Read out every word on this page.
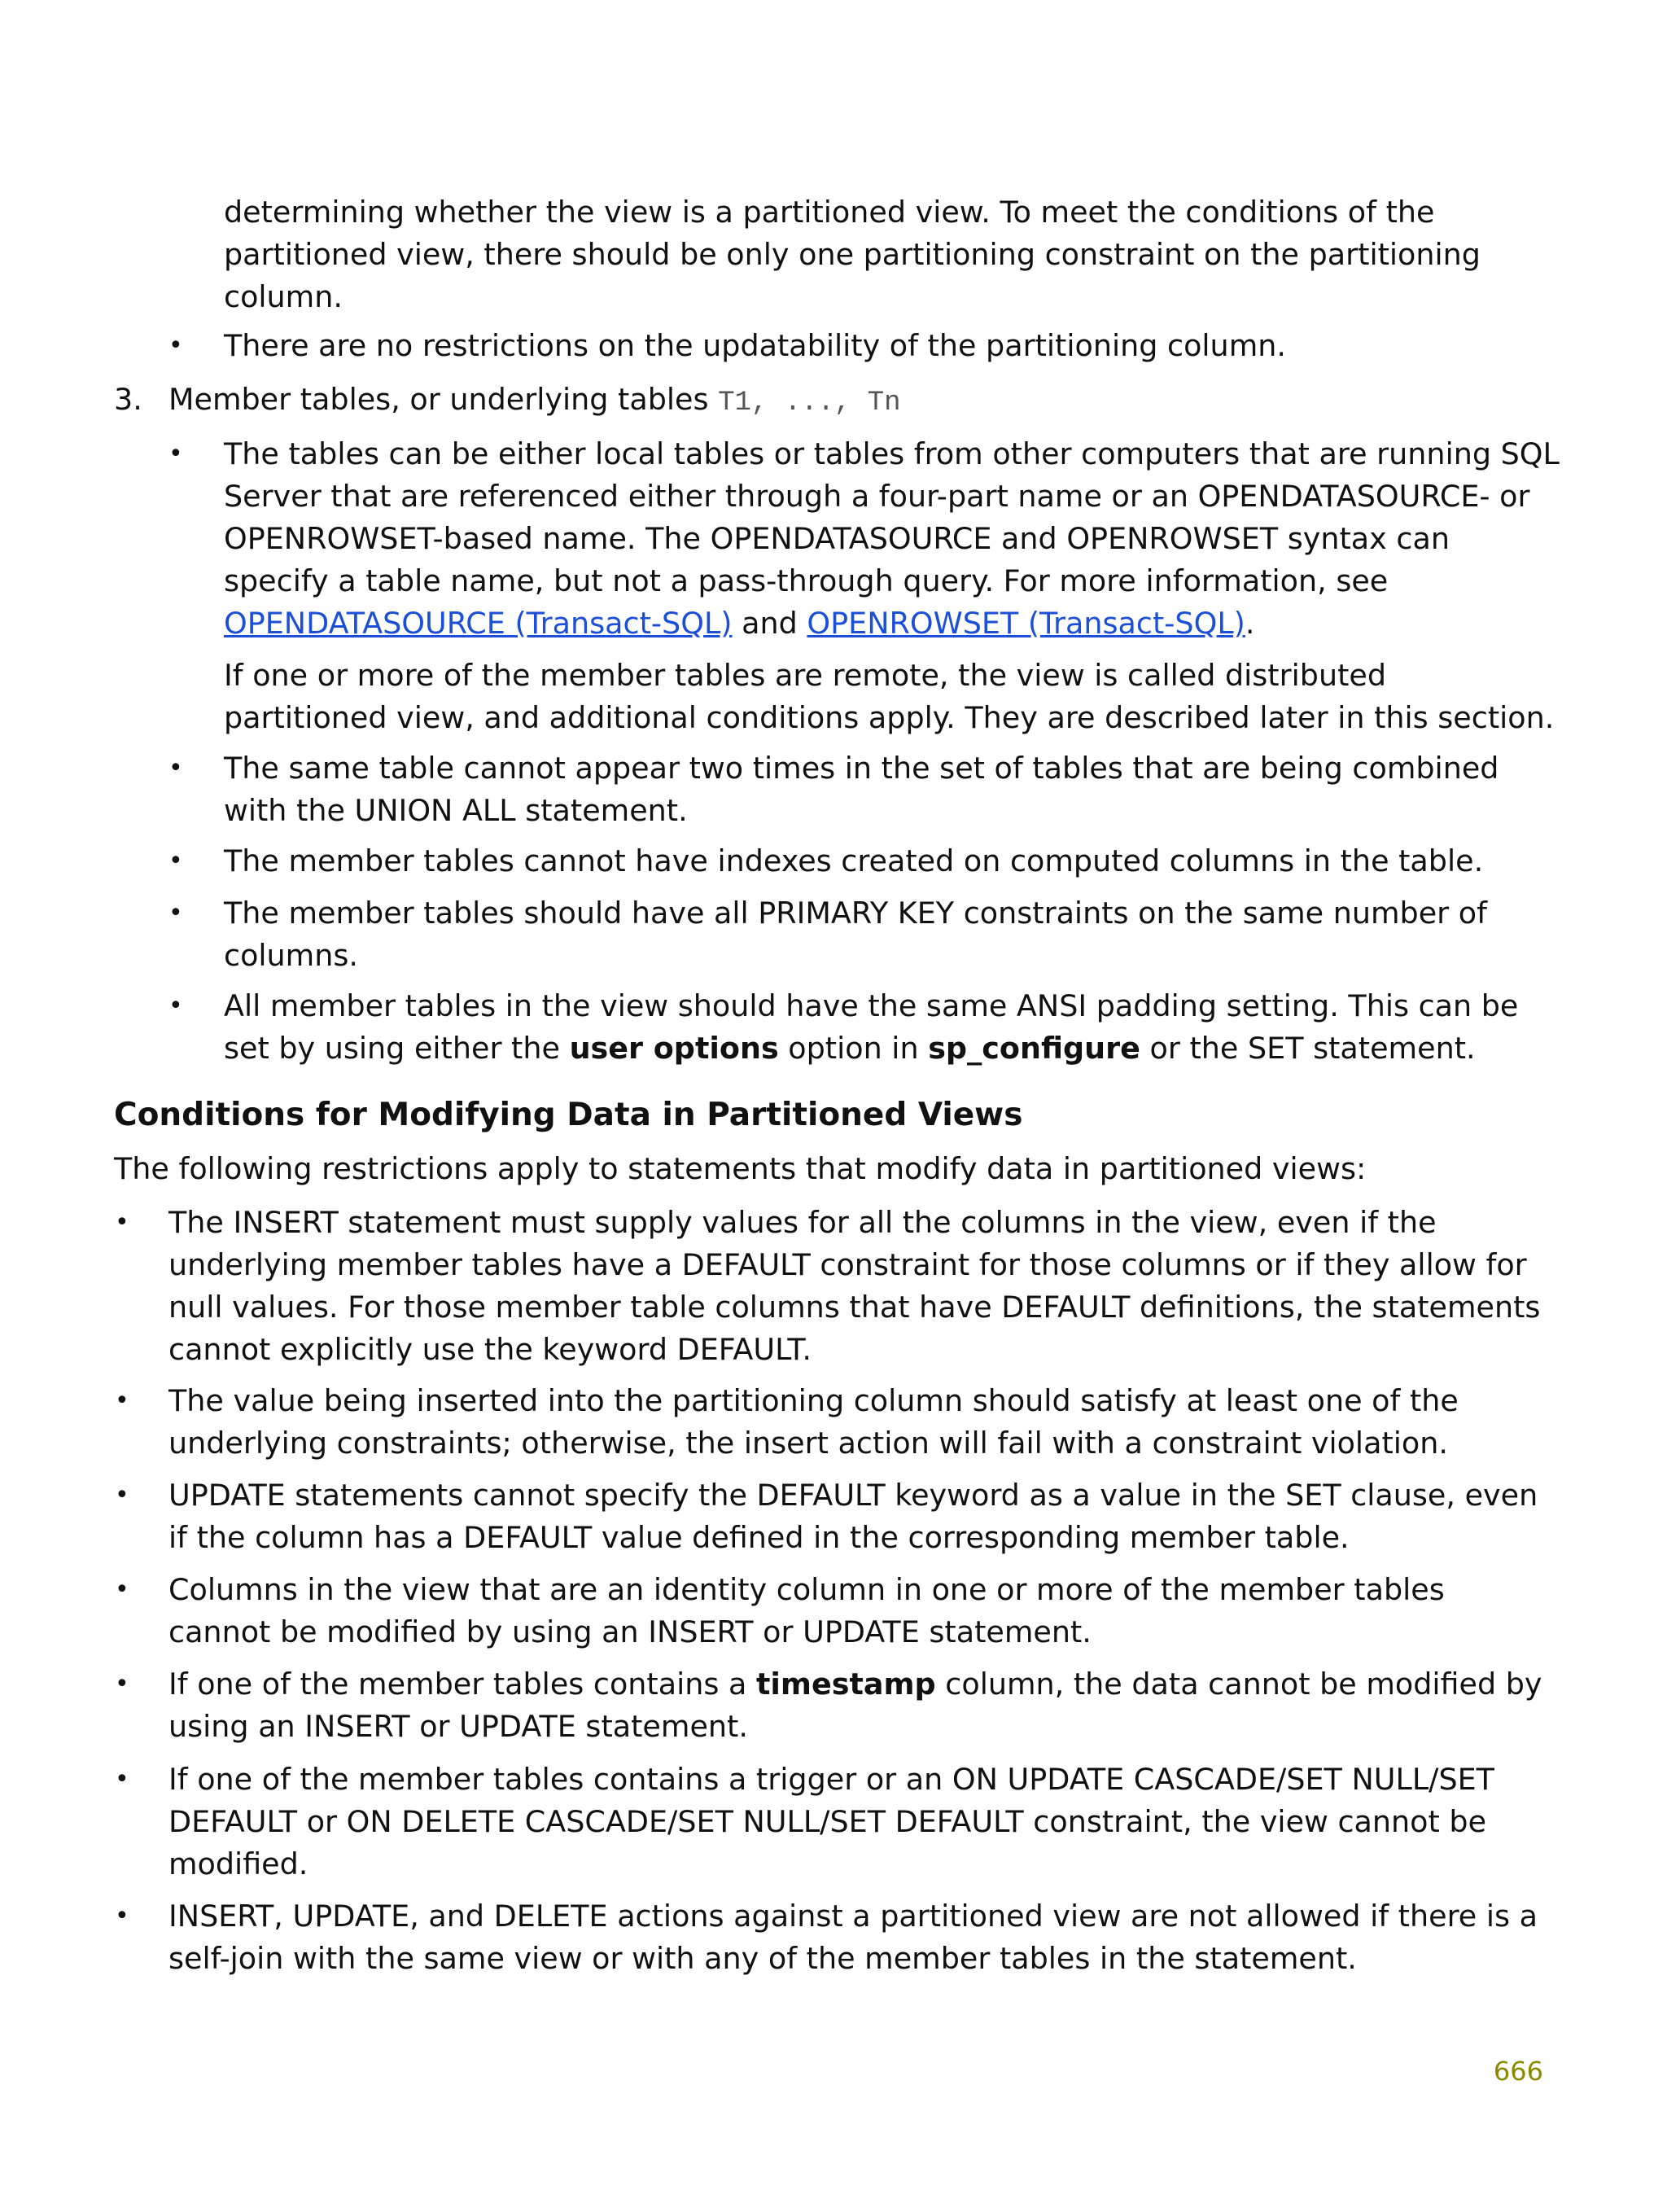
determining whether the view is a partitioned view. To meet the conditions of the

partitioned view, there should be only one partitioning constraint on the partitioning

column.

• There are no restrictions on the updatability of the partitioning column.

3. Member tables, or underlying tables T1, ..., Tn

• The tables can be either local tables or tables from other computers that are running SQL

Server that are referenced either through a four-part name or an OPENDATASOURCE- or

OPENROWSET-based name. The OPENDATASOURCE and OPENROWSET syntax can

specify a table name, but not a pass-through query. For more information, see

OPENDATASOURCE (Transact-SQL) and OPENROWSET (Transact-SQL).

If one or more of the member tables are remote, the view is called distributed

partitioned view, and additional conditions apply. They are described later in this section.

• The same table cannot appear two times in the set of tables that are being combined

with the UNION ALL statement.

• The member tables cannot have indexes created on computed columns in the table.

• The member tables should have all PRIMARY KEY constraints on the same number of

columns.

• All member tables in the view should have the same ANSI padding setting. This can be

set by using either the user options option in sp_configure or the SET statement.

Conditions for Modifying Data in Partitioned Views

The following restrictions apply to statements that modify data in partitioned views:

• The INSERT statement must supply values for all the columns in the view, even if the

underlying member tables have a DEFAULT constraint for those columns or if they allow for

null values. For those member table columns that have DEFAULT definitions, the statements

cannot explicitly use the keyword DEFAULT.

• The value being inserted into the partitioning column should satisfy at least one of the

underlying constraints; otherwise, the insert action will fail with a constraint violation.

• UPDATE statements cannot specify the DEFAULT keyword as a value in the SET clause, even

if the column has a DEFAULT value defined in the corresponding member table.

• Columns in the view that are an identity column in one or more of the member tables

cannot be modified by using an INSERT or UPDATE statement.

• If one of the member tables contains a timestamp column, the data cannot be modified by

using an INSERT or UPDATE statement.

• If one of the member tables contains a trigger or an ON UPDATE CASCADE/SET NULL/SET

DEFAULT or ON DELETE CASCADE/SET NULL/SET DEFAULT constraint, the view cannot be

modified.

• INSERT, UPDATE, and DELETE actions against a partitioned view are not allowed if there is a

self-join with the same view or with any of the member tables in the statement.

666
